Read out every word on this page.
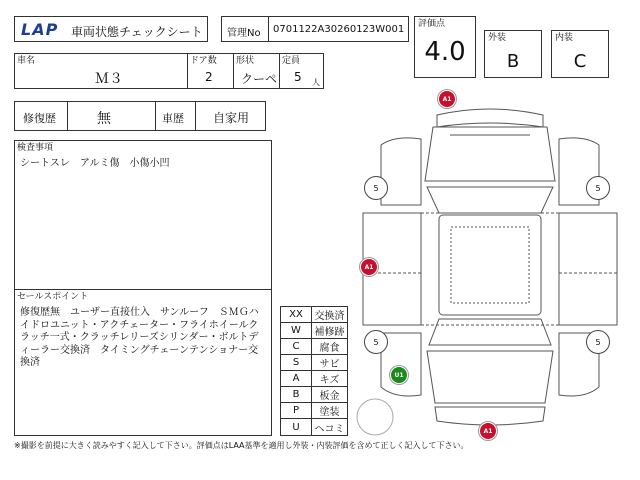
LAP 車両状態チェックシート 管理No 0701122A30260123W001 評価点
4.0	外装
B
内装
C
車名
Ｍ３
ドア数
2
形状
クーペ
定員
5 人
修復歴	無	車歴 自家用
検査事項
シートスレ　アルミ傷　小傷小凹
セールスポイント
修復歴無　ユーザー直接仕入　サンルーフ　ＳＭＧハイドロユニット・アクチェーター・フライホイールクラッチ一式・クラッチレリーズシリンダー・ボルトディーラー交換済　タイミングチェーンテンショナー交換済
XX	交換済
W	補修跡
C	腐食
S	サビ
A	キズ
B	板金
P	塗装
U	ヘコミ
5	5
5	5
A1
A1
U1
A1
※撮影を前提に大きく読みやすく記入して下さい。評価点はLAA基準を適用し外装・内装評価を含めて正しく記入して下さい。
